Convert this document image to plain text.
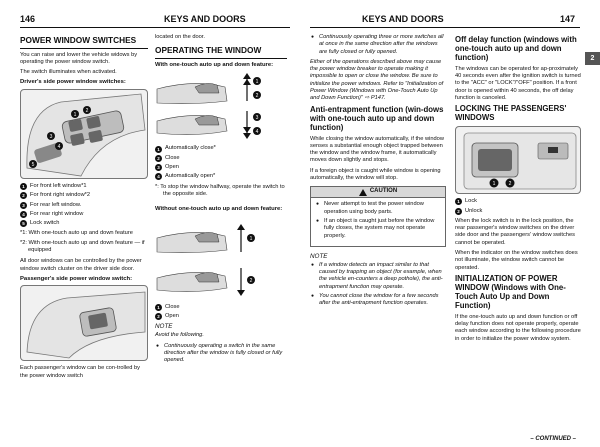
146	KEYS AND DOORS	KEYS AND DOORS	147
2
POWER WINDOW SWITCHES

You can raise and lower the vehicle widows by operating the power window switch.

The switch illuminates when activated.

Driver's side power window switches:
3
1
2
4
5
1 For front left window*1
2 For front right window*2
3 For rear left window.
4 For rear right window
5 Lock switch
*1: With one-touch auto up and down feature
*2: With one-touch auto up and down feature — if equipped

All door windows can be controlled by the power window switch cluster on the driver side door.

Passenger's side power window switch:

Each passenger's window can be con-trolled by the power window switch

located on the door.

OPERATING THE WINDOW
With one-touch auto up and down feature:
1
2
3
4
1 Automatically close*
2 Close
3 Open
4 Automatically open*
*: To stop the window halfway, operate the switch to the opposite side.
Without one-touch auto up and down feature:
1
2
1 Close
2 Open
NOTE

Avoid the following.

● Continuously operating a switch in the same direction after the window is fully closed or fully opened.
● Continuously operating three or more switches all at once in the same direction after the windows are fully closed or fully opened.

Either of the operations described above may cause the power window breaker to operate making it impossible to open or close the window. Be sure to initialize the power windows. Refer to "Initialization of Power Window (Windows with One-Touch Auto Up and Down Function)" ⇨ P147.

Anti-entrapment function (win-dows with one-touch auto up and down function)

While closing the window automatically, if the window senses a substantial enough object trapped between the window and the window frame, it automatically moves down slightly and stops.

If a foreign object is caught while window is opening automatically, the window will stop.

CAUTION
● Never attempt to test the power window operation using body parts.
● If an object is caught just before the window fully closes, the system may not operate properly.
NOTE
● If a window detects an impact similar to that caused by trapping an object (for example, when the vehicle en-counters a deep pothole), the anti-entrapment function may operate.
● You cannot close the window for a few seconds after the anti-entrapment function operates.
Off delay function (windows with one-touch auto up and down function)

The windows can be operated for ap-proximately 40 seconds even after the ignition switch is turned to the "ACC" or "LOCK"/"OFF" position. If a front door is opened within 40 seconds, the off delay function is canceled.

LOCKING THE PASSENGERS' WINDOWS
1	2
1 Lock
2 Unlock

When the lock switch is in the lock position, the rear passenger's window switches on the driver side door and the passengers' window switches cannot be operated.

When the indicator on the window switches does not illuminate, the window switch cannot be operated.

INITIALIZATION OF POWER WINDOW (Windows with One-Touch Auto Up and Down Function)

If the one-touch auto up and down function or off delay function does not operate properly, operate each window according to the following procedure in order to initialize the power window system.

– CONTINUED –
